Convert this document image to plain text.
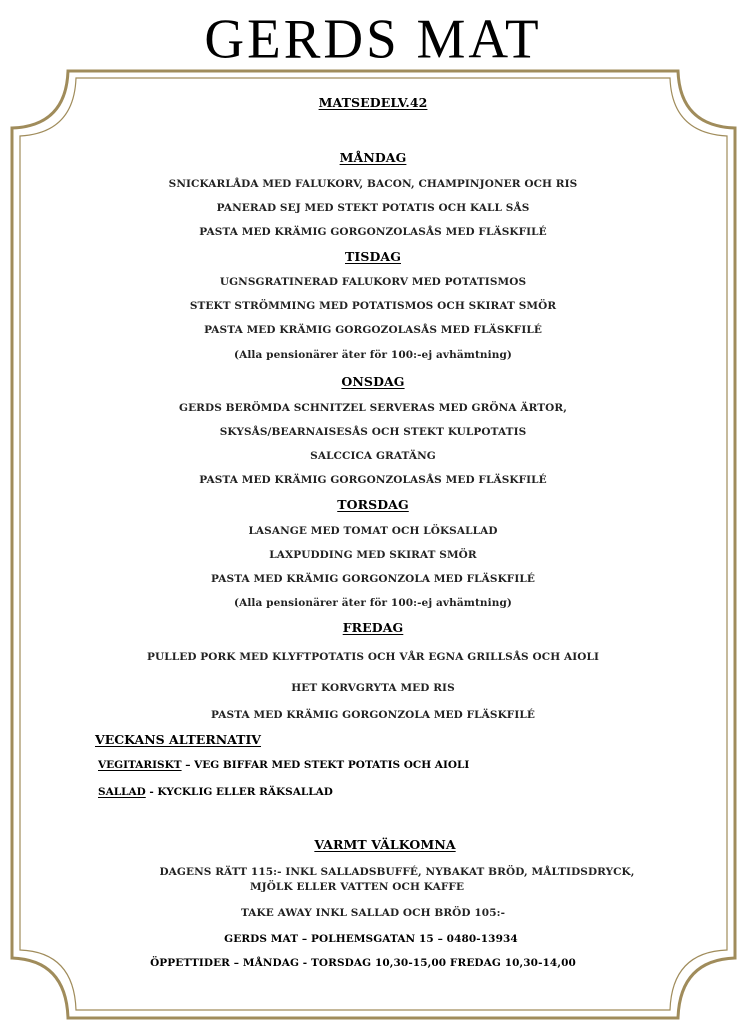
GERDS MAT
MATSEDELV.42
MÅNDAG
SNICKARLÅDA MED FALUKORV, BACON, CHAMPINJONER OCH RIS
PANERAD SEJ MED STEKT POTATIS OCH KALL SÅS
PASTA MED KRÄMIG GORGONZOLASÅS MED FLÄSKFILÉ
TISDAG
UGNSGRATINERAD FALUKORV MED POTATISMOS
STEKT STRÖMMING MED POTATISMOS OCH SKIRAT SMÖR
PASTA MED KRÄMIG GORGOZOLASÅS MED FLÄSKFILÉ
(Alla pensionärer äter för 100:-ej avhämtning)
ONSDAG
GERDS BERÖMDA SCHNITZEL SERVERAS MED GRÖNA ÄRTOR,
SKYSÅS/BEARNAISESÅS OCH STEKT KULPOTATIS
SALCCICA GRATÄNG
PASTA MED KRÄMIG GORGONZOLASÅS MED FLÄSKFILÉ
TORSDAG
LASANGE MED TOMAT OCH LÖKSALLAD
LAXPUDDING MED SKIRAT SMÖR
PASTA MED KRÄMIG GORGONZOLA MED FLÄSKFILÉ
(Alla pensionärer äter för 100:-ej avhämtning)
FREDAG
PULLED PORK MED KLYFTPOTATIS OCH VÅR EGNA GRILLSÅS OCH AIOLI
HET KORVGRYTA MED RIS
PASTA MED KRÄMIG GORGONZOLA MED FLÄSKFILÉ
VECKANS ALTERNATIV
VEGITARISKT – VEG BIFFAR MED STEKT POTATIS OCH AIOLI
SALLAD - KYCKLIG ELLER RÄKSALLAD
VARMT VÄLKOMNA
DAGENS RÄTT 115:- INKL SALLADSBUFFÉ, NYBAKAT BRÖD, MÅLTIDSDRYCK,
MJÖLK ELLER VATTEN OCH KAFFE
TAKE AWAY INKL SALLAD OCH BRÖD 105:-
GERDS MAT – POLHEMSGATAN 15 – 0480-13934
ÖPPETTIDER – MÅNDAG - TORSDAG 10,30-15,00 FREDAG 10,30-14,00
